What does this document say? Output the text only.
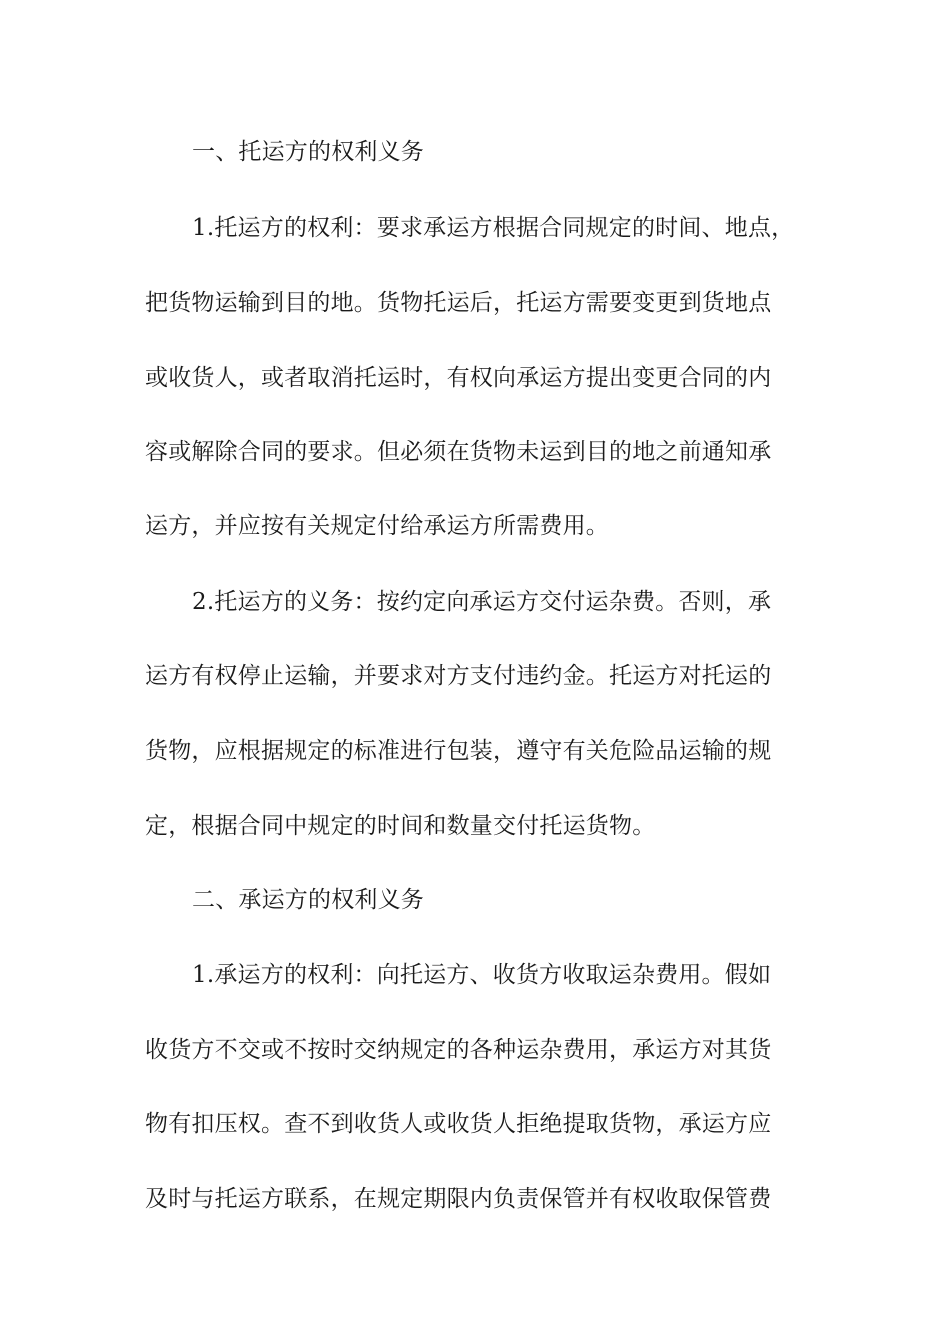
一、托运方的权利义务
1.托运方的权利：要求承运方根据合同规定的时间、地点，
把货物运输到目的地。货物托运后，托运方需要变更到货地点
或收货人，或者取消托运时，有权向承运方提出变更合同的内
容或解除合同的要求。但必须在货物未运到目的地之前通知承
运方，并应按有关规定付给承运方所需费用。
2.托运方的义务：按约定向承运方交付运杂费。否则，承
运方有权停止运输，并要求对方支付违约金。托运方对托运的
货物，应根据规定的标准进行包装，遵守有关危险品运输的规
定，根据合同中规定的时间和数量交付托运货物。
二、承运方的权利义务
1.承运方的权利：向托运方、收货方收取运杂费用。假如
收货方不交或不按时交纳规定的各种运杂费用，承运方对其货
物有扣压权。查不到收货人或收货人拒绝提取货物，承运方应
及时与托运方联系，在规定期限内负责保管并有权收取保管费
